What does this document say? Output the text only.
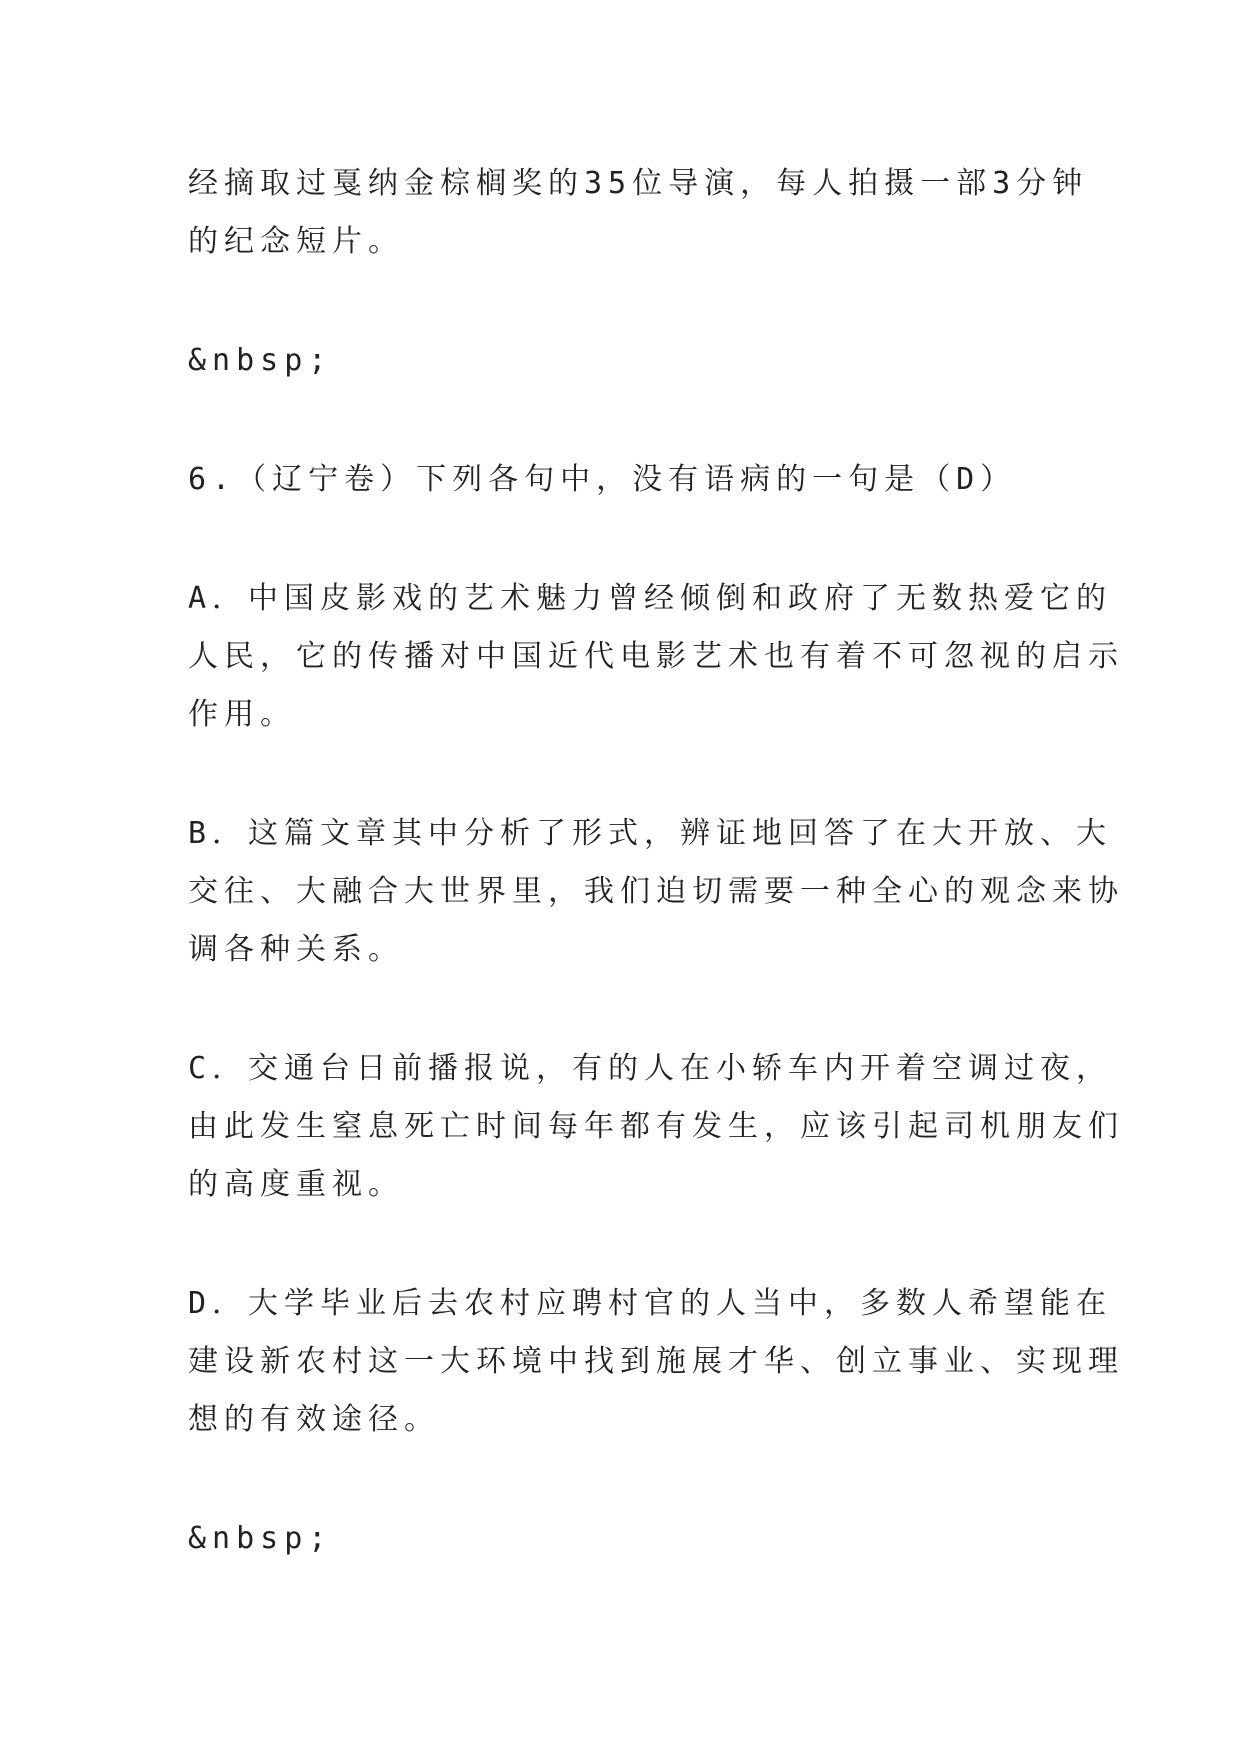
经摘取过戛纳金棕榈奖的35位导演，每人拍摄一部3分钟
的纪念短片。
&nbsp;
6.（辽宁卷）下列各句中，没有语病的一句是（D）
A．中国皮影戏的艺术魅力曾经倾倒和政府了无数热爱它的
人民，它的传播对中国近代电影艺术也有着不可忽视的启示
作用。
B．这篇文章其中分析了形式，辨证地回答了在大开放、大
交往、大融合大世界里，我们迫切需要一种全心的观念来协
调各种关系。
C．交通台日前播报说，有的人在小轿车内开着空调过夜，
由此发生窒息死亡时间每年都有发生，应该引起司机朋友们
的高度重视。
D．大学毕业后去农村应聘村官的人当中，多数人希望能在
建设新农村这一大环境中找到施展才华、创立事业、实现理
想的有效途径。
&nbsp;
